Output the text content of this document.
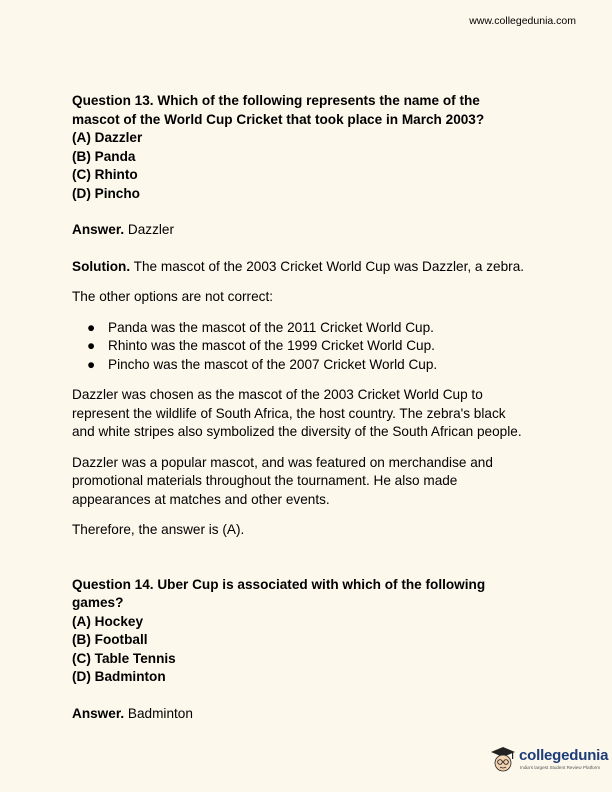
www.collegedunia.com
Question 13. Which of the following represents the name of the
mascot of the World Cup Cricket that took place in March 2003?
(A) Dazzler
(B) Panda
(C) Rhinto
(D) Pincho

Answer. Dazzler

Solution. The mascot of the 2003 Cricket World Cup was Dazzler, a zebra.

The other options are not correct:

● Panda was the mascot of the 2011 Cricket World Cup.
● Rhinto was the mascot of the 1999 Cricket World Cup.
● Pincho was the mascot of the 2007 Cricket World Cup.

Dazzler was chosen as the mascot of the 2003 Cricket World Cup to
represent the wildlife of South Africa, the host country. The zebra's black
and white stripes also symbolized the diversity of the South African people.

Dazzler was a popular mascot, and was featured on merchandise and
promotional materials throughout the tournament. He also made
appearances at matches and other events.

Therefore, the answer is (A).

Question 14. Uber Cup is associated with which of the following
games?
(A) Hockey
(B) Football
(C) Table Tennis
(D) Badminton

Answer. Badminton

collegedunia
India's largest Student Review Platform
